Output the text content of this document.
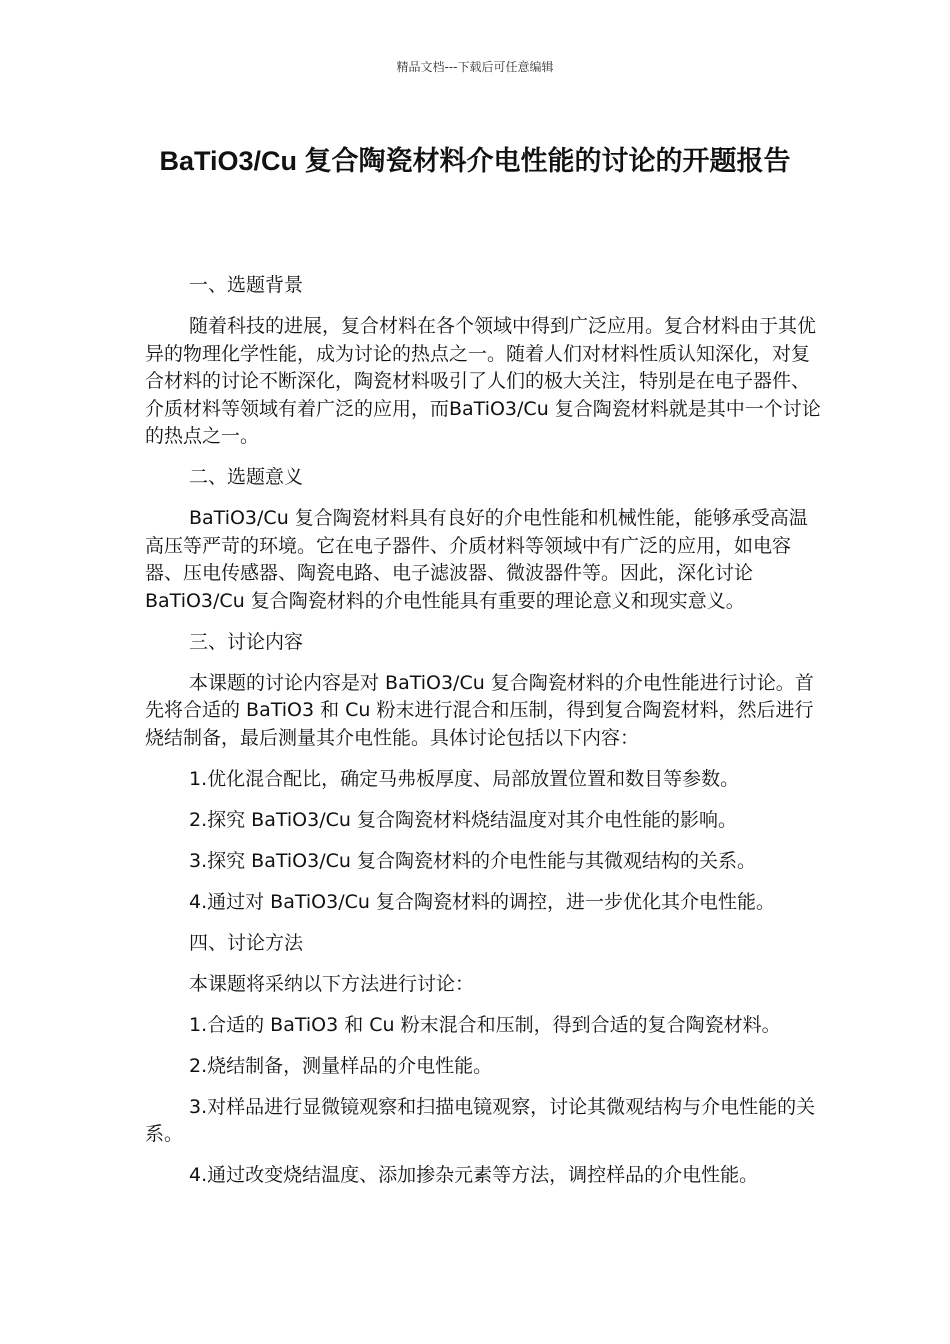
精品文档---下载后可任意编辑
BaTiO3/Cu 复合陶瓷材料介电性能的讨论的开题报告

一、选题背景

随着科技的进展，复合材料在各个领域中得到广泛应用。复合材料由于其优异的物理化学性能，成为讨论的热点之一。随着人们对材料性质认知深化，对复合材料的讨论不断深化，陶瓷材料吸引了人们的极大关注，特别是在电子器件、介质材料等领域有着广泛的应用，而BaTiO3/Cu 复合陶瓷材料就是其中一个讨论的热点之一。

二、选题意义

BaTiO3/Cu 复合陶瓷材料具有良好的介电性能和机械性能，能够承受高温高压等严苛的环境。它在电子器件、介质材料等领域中有广泛的应用，如电容器、压电传感器、陶瓷电路、电子滤波器、微波器件等。因此，深化讨论 BaTiO3/Cu 复合陶瓷材料的介电性能具有重要的理论意义和现实意义。

三、讨论内容

本课题的讨论内容是对 BaTiO3/Cu 复合陶瓷材料的介电性能进行讨论。首先将合适的 BaTiO3 和 Cu 粉末进行混合和压制，得到复合陶瓷材料，然后进行烧结制备，最后测量其介电性能。具体讨论包括以下内容：

1.优化混合配比，确定马弗板厚度、局部放置位置和数目等参数。

2.探究 BaTiO3/Cu 复合陶瓷材料烧结温度对其介电性能的影响。

3.探究 BaTiO3/Cu 复合陶瓷材料的介电性能与其微观结构的关系。

4.通过对 BaTiO3/Cu 复合陶瓷材料的调控，进一步优化其介电性能。

四、讨论方法

本课题将采纳以下方法进行讨论：

1.合适的 BaTiO3 和 Cu 粉末混合和压制，得到合适的复合陶瓷材料。

2.烧结制备，测量样品的介电性能。

3.对样品进行显微镜观察和扫描电镜观察，讨论其微观结构与介电性能的关系。

4.通过改变烧结温度、添加掺杂元素等方法，调控样品的介电性能。
